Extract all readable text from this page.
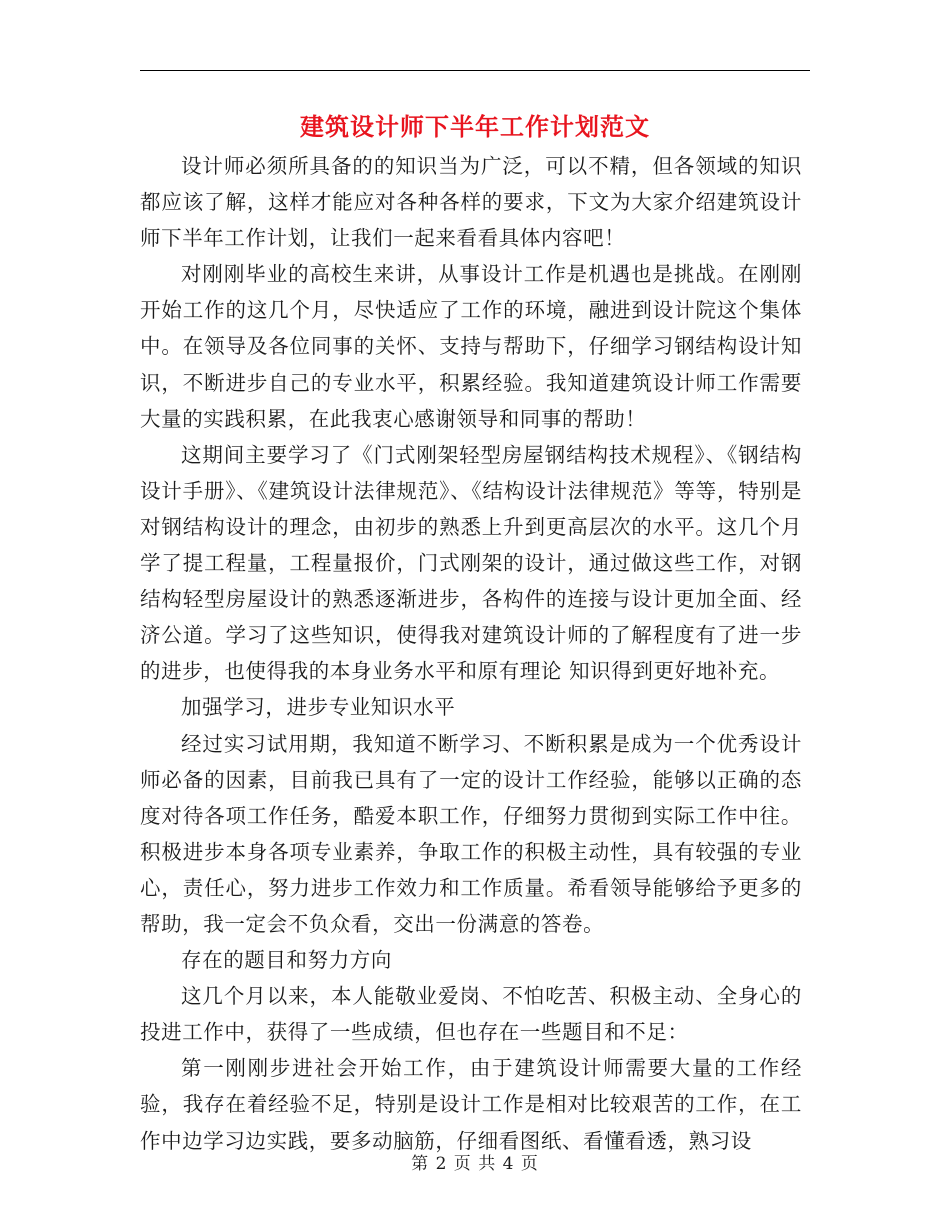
建筑设计师下半年工作计划范文

设计师必须所具备的的知识当为广泛，可以不精，但各领域的知识都应该了解，这样才能应对各种各样的要求，下文为大家介绍建筑设计师下半年工作计划，让我们一起来看看具体内容吧！

对刚刚毕业的高校生来讲，从事设计工作是机遇也是挑战。在刚刚开始工作的这几个月，尽快适应了工作的环境，融进到设计院这个集体中。在领导及各位同事的关怀、支持与帮助下，仔细学习钢结构设计知识，不断进步自己的专业水平，积累经验。我知道建筑设计师工作需要大量的实践积累，在此我衷心感谢领导和同事的帮助！

这期间主要学习了《门式刚架轻型房屋钢结构技术规程》、《钢结构设计手册》、《建筑设计法律规范》、《结构设计法律规范》等等，特别是对钢结构设计的理念，由初步的熟悉上升到更高层次的水平。这几个月学了提工程量，工程量报价，门式刚架的设计，通过做这些工作，对钢结构轻型房屋设计的熟悉逐渐进步，各构件的连接与设计更加全面、经济公道。学习了这些知识，使得我对建筑设计师的了解程度有了进一步的进步，也使得我的本身业务水平和原有理论 知识得到更好地补充。

加强学习，进步专业知识水平

经过实习试用期，我知道不断学习、不断积累是成为一个优秀设计师必备的因素，目前我已具有了一定的设计工作经验，能够以正确的态度对待各项工作任务，酷爱本职工作，仔细努力贯彻到实际工作中往。积极进步本身各项专业素养，争取工作的积极主动性，具有较强的专业心，责任心，努力进步工作效力和工作质量。希看领导能够给予更多的帮助，我一定会不负众看，交出一份满意的答卷。

存在的题目和努力方向

这几个月以来，本人能敬业爱岗、不怕吃苦、积极主动、全身心的投进工作中，获得了一些成绩，但也存在一些题目和不足：

第一刚刚步进社会开始工作，由于建筑设计师需要大量的工作经验，我存在着经验不足，特别是设计工作是相对比较艰苦的工作，在工作中边学习边实践，要多动脑筋，仔细看图纸、看懂看透，熟习设

第 2 页 共 4 页
